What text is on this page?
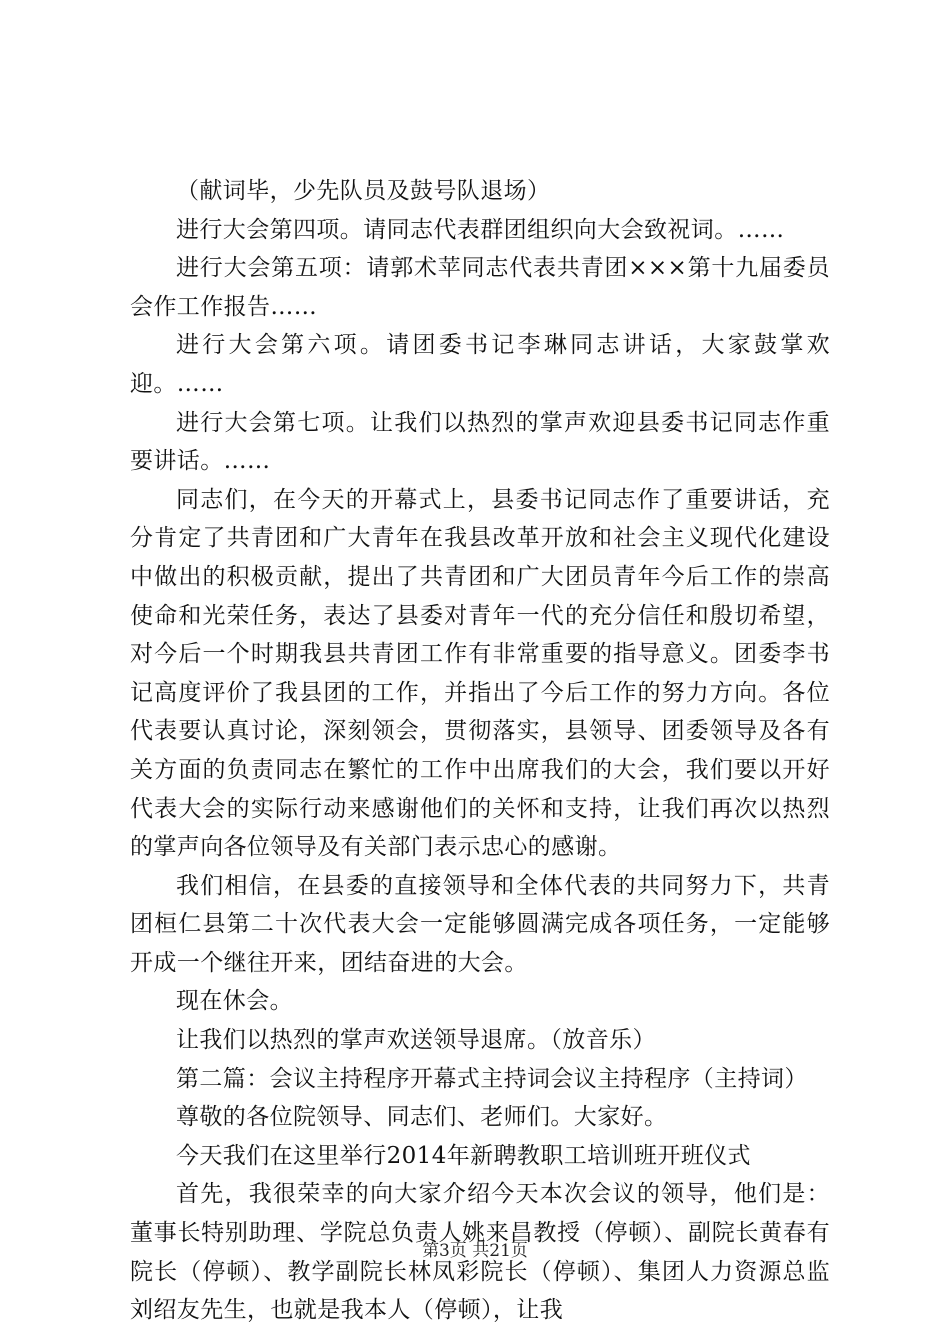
（献词毕，少先队员及鼓号队退场）

进行大会第四项。请同志代表群团组织向大会致祝词。……

进行大会第五项：请郭术苹同志代表共青团×××第十九届委员会作工作报告……

进行大会第六项。请团委书记李琳同志讲话，大家鼓掌欢迎。……

进行大会第七项。让我们以热烈的掌声欢迎县委书记同志作重要讲话。……

同志们，在今天的开幕式上，县委书记同志作了重要讲话，充分肯定了共青团和广大青年在我县改革开放和社会主义现代化建设中做出的积极贡献，提出了共青团和广大团员青年今后工作的崇高使命和光荣任务，表达了县委对青年一代的充分信任和殷切希望，对今后一个时期我县共青团工作有非常重要的指导意义。团委李书记高度评价了我县团的工作，并指出了今后工作的努力方向。各位代表要认真讨论，深刻领会，贯彻落实，县领导、团委领导及各有关方面的负责同志在繁忙的工作中出席我们的大会，我们要以开好代表大会的实际行动来感谢他们的关怀和支持，让我们再次以热烈的掌声向各位领导及有关部门表示忠心的感谢。

我们相信，在县委的直接领导和全体代表的共同努力下，共青团桓仁县第二十次代表大会一定能够圆满完成各项任务，一定能够开成一个继往开来，团结奋进的大会。

现在休会。

让我们以热烈的掌声欢送领导退席。（放音乐）

第二篇：会议主持程序开幕式主持词会议主持程序（主持词）

尊敬的各位院领导、同志们、老师们。大家好。

今天我们在这里举行2014年新聘教职工培训班开班仪式

首先，我很荣幸的向大家介绍今天本次会议的领导，他们是：董事长特别助理、学院总负责人姚来昌教授（停顿）、副院长黄春有院长（停顿）、教学副院长林凤彩院长（停顿）、集团人力资源总监刘绍友先生，也就是我本人（停顿），让我

第3页 共21页
